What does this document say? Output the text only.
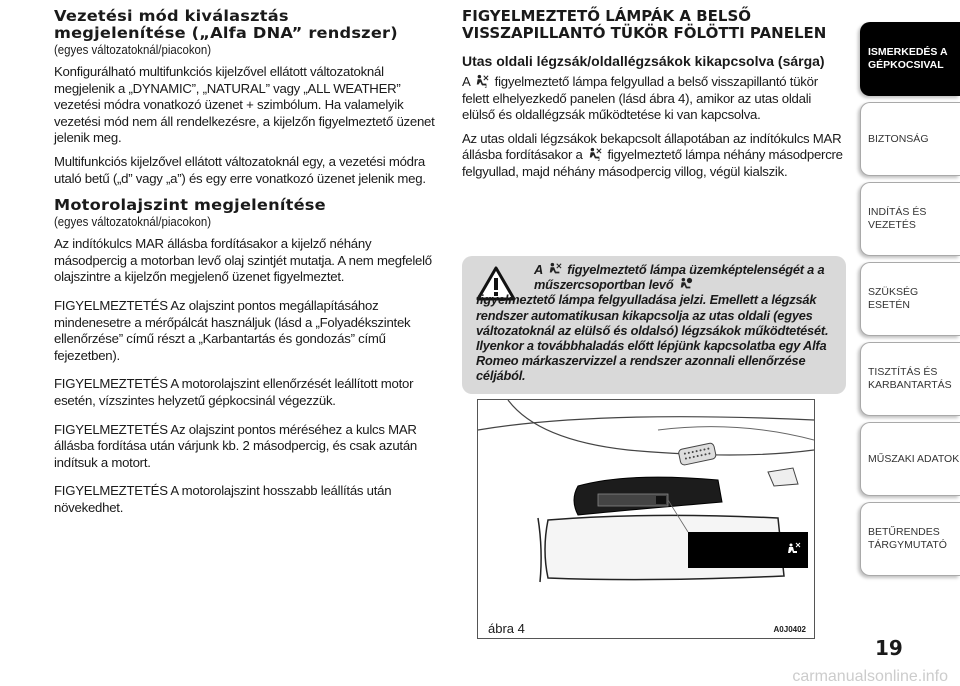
Vezetési mód kiválasztás
megjelenítése („Alfa DNA” rendszer)
(egyes változatoknál/piacokon)

Konfigurálható multifunkciós kijelzővel ellátott változatoknál megjelenik a „DYNAMIC”, „NATURAL” vagy „ALL WEATHER” vezetési módra vonatkozó üzenet + szimbólum. Ha valamelyik vezetési mód nem áll rendelkezésre, a kijelzőn figyelmeztető üzenet jelenik meg.

Multifunkciós kijelzővel ellátott változatoknál egy, a vezetési módra utaló betű („d” vagy „a”) és egy erre vonatkozó üzenet jelenik meg.

Motorolajszint megjelenítése
(egyes változatoknál/piacokon)

Az indítókulcs MAR állásba fordításakor a kijelző néhány másodpercig a motorban levő olaj szintjét mutatja. A nem megfelelő olajszintre a kijelzőn megjelenő üzenet figyelmeztet.

FIGYELMEZTETÉS Az olajszint pontos megállapításához mindenesetre a mérőpálcát használjuk (lásd a „Folyadékszintek ellenőrzése” című részt a „Karbantartás és gondozás” című fejezetben).

FIGYELMEZTETÉS A motorolajszint ellenőrzését leállított motor esetén, vízszintes helyzetű gépkocsinál végezzük.

FIGYELMEZTETÉS Az olajszint pontos méréséhez a kulcs MAR állásba fordítása után várjunk kb. 2 másodpercig, és csak azután indítsuk a motort.

FIGYELMEZTETÉS A motorolajszint hosszabb leállítás után növekedhet.

FIGYELMEZTETŐ LÁMPÁK A BELSŐ VISSZAPILLANTÓ TÜKÖR FÖLÖTTI PANELEN
Utas oldali légzsák/oldallégzsákok kikapcsolva (sárga)

A	2 figyelmeztető lámpa felgyullad a belső visszapillantó tükör felett elhelyezkedő panelen (lásd ábra 4), amikor az utas oldali elülső és oldallégzsák működtetése ki van kapcsolva.

Az utas oldali légzsákok bekapcsolt állapotában az indítókulcs MAR állásba fordításakor a	2 figyelmeztető lámpa néhány másodpercre felgyullad, majd néhány másodpercig villog, végül kialszik.

A figyelmeztető lámpa üzemképtelenségét a a műszercsoportban levő
figyelmeztető lámpa felgyulladása jelzi. Emellett a légzsák rendszer automatikusan kikapcsolja az utas oldali (egyes változatoknál az elülső és oldalsó) légzsákok működtetését. Ilyenkor a továbbhaladás előtt lépjünk kapcsolatba egy Alfa Romeo márkaszervizzel a rendszer azonnali ellenőrzése céljából.
ábra 4	A0J0402
ISMERKEDÉS A GÉPKOCSIVAL
BIZTONSÁG
INDÍTÁS ÉS VEZETÉS
SZÜKSÉG ESETÉN
TISZTÍTÁS ÉS KARBANTARTÁS
MŰSZAKI ADATOK
BETŰRENDES TÁRGYMUTATÓ
19
carmanualsonline.info
